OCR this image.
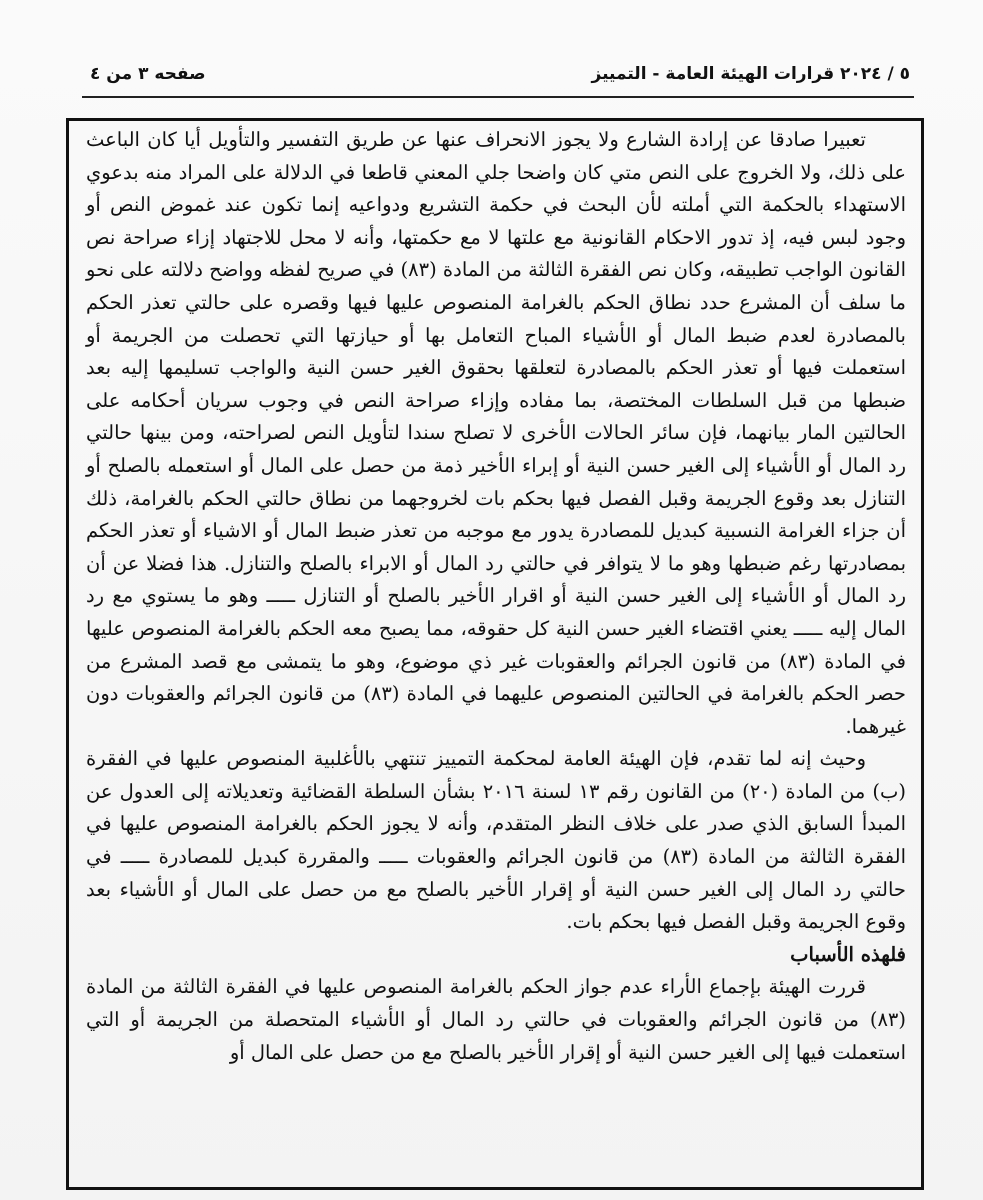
٥ / ٢٠٢٤ قرارات الهيئة العامة - التمييز
صفحه ٣ من ٤

تعبيرا صادقا عن إرادة الشارع ولا يجوز الانحراف عنها عن طريق التفسير والتأويل أيا كان الباعث على ذلك، ولا الخروج على النص متي كان واضحا جلي المعني قاطعا في الدلالة على المراد منه بدعوي الاستهداء بالحكمة التي أملته لأن البحث في حكمة التشريع ودواعيه إنما تكون عند غموض النص أو وجود لبس فيه، إذ تدور الاحكام القانونية مع علتها لا مع حكمتها، وأنه لا محل للاجتهاد إزاء صراحة نص القانون الواجب تطبيقه، وكان نص الفقرة الثالثة من المادة (٨٣) في صريح لفظه وواضح دلالته على نحو ما سلف أن المشرع حدد نطاق الحكم بالغرامة المنصوص عليها فيها وقصره على حالتي تعذر الحكم بالمصادرة لعدم ضبط المال أو الأشياء المباح التعامل بها أو حيازتها التي تحصلت من الجريمة أو استعملت فيها أو تعذر الحكم بالمصادرة لتعلقها بحقوق الغير حسن النية والواجب تسليمها إليه بعد ضبطها من قبل السلطات المختصة، بما مفاده وإزاء صراحة النص في وجوب سريان أحكامه على الحالتين المار بيانهما، فإن سائر الحالات الأخرى لا تصلح سندا لتأويل النص لصراحته، ومن بينها حالتي رد المال أو الأشياء إلى الغير حسن النية أو إبراء الأخير ذمة من حصل على المال أو استعمله بالصلح أو التنازل بعد وقوع الجريمة وقبل الفصل فيها بحكم بات لخروجهما من نطاق حالتي الحكم بالغرامة، ذلك أن جزاء الغرامة النسبية كبديل للمصادرة يدور مع موجبه من تعذر ضبط المال أو الاشياء أو تعذر الحكم بمصادرتها رغم ضبطها وهو ما لا يتوافر في حالتي رد المال أو الابراء بالصلح والتنازل. هذا فضلا عن أن رد المال أو الأشياء إلى الغير حسن النية أو اقرار الأخير بالصلح أو التنازل ـــــ وهو ما يستوي مع رد المال إليه ـــــ يعني اقتضاء الغير حسن النية كل حقوقه، مما يصبح معه الحكم بالغرامة المنصوص عليها في المادة (٨٣) من قانون الجرائم والعقوبات غير ذي موضوع، وهو ما يتمشى مع قصد المشرع من حصر الحكم بالغرامة في الحالتين المنصوص عليهما في المادة (٨٣) من قانون الجرائم والعقوبات دون غيرهما.

وحيث إنه لما تقدم، فإن الهيئة العامة لمحكمة التمييز تنتهي بالأغلبية المنصوص عليها في الفقرة (ب) من المادة (٢٠) من القانون رقم ١٣ لسنة ٢٠١٦ بشأن السلطة القضائية وتعديلاته إلى العدول عن المبدأ السابق الذي صدر على خلاف النظر المتقدم، وأنه لا يجوز الحكم بالغرامة المنصوص عليها في الفقرة الثالثة من المادة (٨٣) من قانون الجرائم والعقوبات ـــــ والمقررة كبديل للمصادرة ـــــ في حالتي رد المال إلى الغير حسن النية أو إقرار الأخير بالصلح مع من حصل على المال أو الأشياء بعد وقوع الجريمة وقبل الفصل فيها بحكم بات.

فلهذه الأسباب

قررت الهيئة بإجماع الأراء عدم جواز الحكم بالغرامة المنصوص عليها في الفقرة الثالثة من المادة (٨٣) من قانون الجرائم والعقوبات في حالتي رد المال أو الأشياء المتحصلة من الجريمة أو التي استعملت فيها إلى الغير حسن النية أو إقرار الأخير بالصلح مع من حصل على المال أو
